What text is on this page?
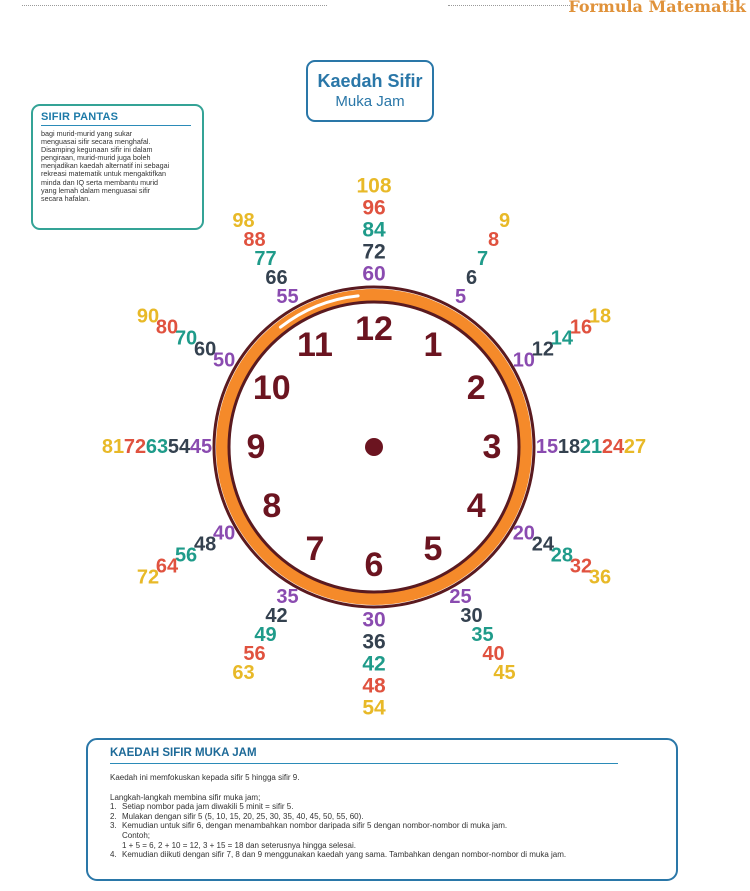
Formula Matematik
Kaedah Sifir
Muka Jam
SIFIR PANTAS
bagi murid-murid yang sukar
menguasai sifir secara menghafal.
Disamping kegunaan sifir ini dalam
pengiraan, murid-murid juga boleh
menjadikan kaedah alternatif ini sebagai
rekreasi matematik untuk mengaktifkan
minda dan IQ serta membantu murid
yang lemah dalam menguasai sifir
secara hafalan.
12 1
2
3
4
5
6
7
8
9
10
11
60
72
84
96
108
5
6
7
8
9
10
12
14
16
18
15 18 21 24 27
20
24
28
32
36
25
30
35
40
45
30
36
42
48
54
35
42
49
56
63
40
48
56
64
72
45
54
63
72
81
50
60
70
80
90
55
66
77
88
98
KAEDAH SIFIR MUKA JAM
Kaedah ini memfokuskan kepada sifir 5 hingga sifir 9.
Langkah-langkah membina sifir muka jam;
1. Setiap nombor pada jam diwakili 5 minit = sifir 5.
2. Mulakan dengan sifir 5 (5, 10, 15, 20, 25, 30, 35, 40, 45, 50, 55, 60).
3. Kemudian untuk sifir 6, dengan menambahkan nombor daripada sifir 5 dengan nombor-nombor di muka jam.
Contoh;
1 + 5 = 6, 2 + 10 = 12, 3 + 15 = 18 dan seterusnya hingga selesai.
4. Kemudian diikuti dengan sifir 7, 8 dan 9 menggunakan kaedah yang sama. Tambahkan dengan nombor-nombor di muka jam.
